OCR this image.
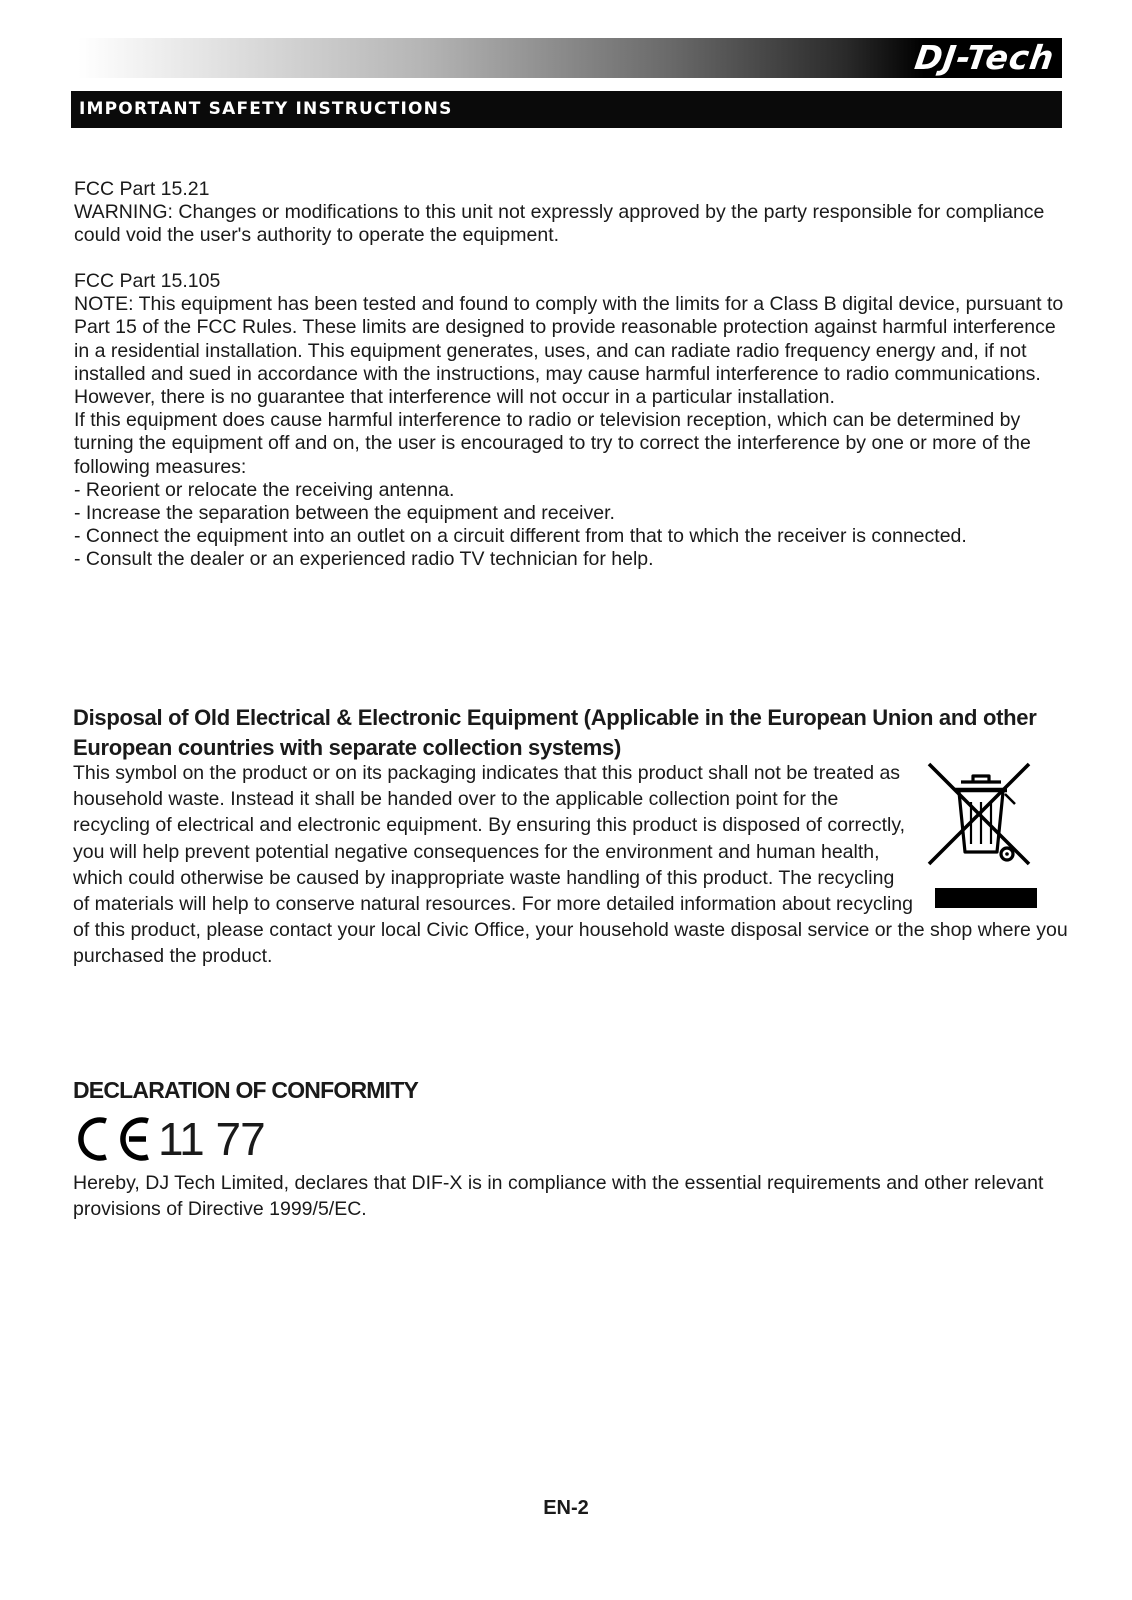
DJ-Tech
IMPORTANT SAFETY INSTRUCTIONS

FCC Part 15.21

WARNING: Changes or modifications to this unit not expressly approved by the party responsible for compliance could void the user's authority to operate the equipment.

FCC Part 15.105

NOTE: This equipment has been tested and found to comply with the limits for a Class B digital device, pursuant to Part 15 of the FCC Rules. These limits are designed to provide reasonable protection against harmful interference in a residential installation. This equipment generates, uses, and can radiate radio frequency energy and, if not installed and sued in accordance with the instructions, may cause harmful interference to radio communications. However, there is no guarantee that interference will not occur in a particular installation.

If this equipment does cause harmful interference to radio or television reception, which can be determined by turning the equipment off and on, the user is encouraged to try to correct the interference by one or more of the following measures:

- Reorient or relocate the receiving antenna.

- Increase the separation between the equipment and receiver.

- Connect the equipment into an outlet on a circuit different from that to which the receiver is connected.

- Consult the dealer or an experienced radio TV technician for help.

Disposal of Old Electrical & Electronic Equipment (Applicable in the European Union and other European countries with separate collection systems)

This symbol on the product or on its packaging indicates that this product shall not be treated as household waste. Instead it shall be handed over to the applicable collection point for the recycling of electrical and electronic equipment. By ensuring this product is disposed of correctly, you will help prevent potential negative consequences for the environment and human health, which could otherwise be caused by inappropriate waste handling of this product. The recycling of materials will help to conserve natural resources. For more detailed information about recycling of this product, please contact your local Civic Office, your household waste disposal service or the shop where you purchased the product.

DECLARATION OF CONFORMITY
11 77
Hereby, DJ Tech Limited, declares that DIF-X is in compliance with the essential requirements and other relevant provisions of Directive 1999/5/EC.
EN-2
